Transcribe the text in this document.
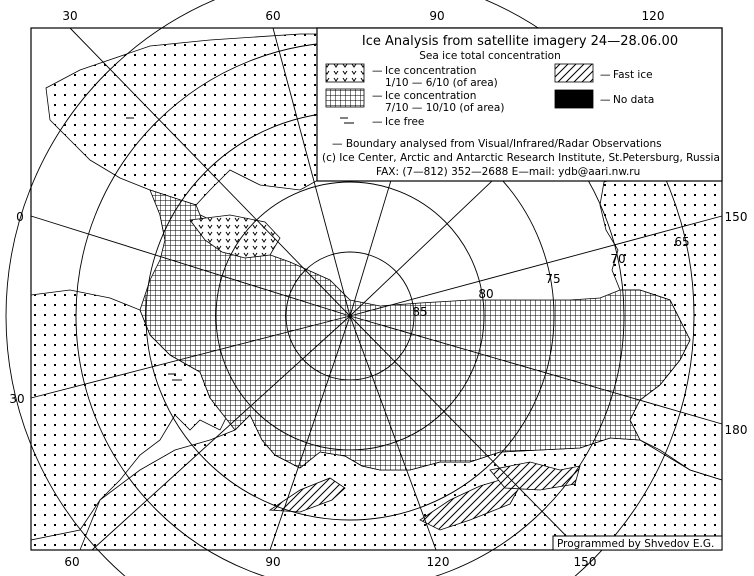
30	60	90	120
60	90	120	150
0
30
150
180
85
80
75
70
65
Ice Analysis from satellite imagery 24—28.06.00
Sea ice total concentration
— Ice concentration
1/10 — 6/10 (of area)
— Ice concentration
7/10 — 10/10 (of area)
— Ice free
— Fast ice
— No data
— Boundary analysed from Visual/Infrared/Radar Observations
(c) Ice Center, Arctic and Antarctic Research Institute, St.Petersburg, Russia
FAX: (7—812) 352—2688 E—mail: ydb@aari.nw.ru
Programmed by Shvedov E.G.
